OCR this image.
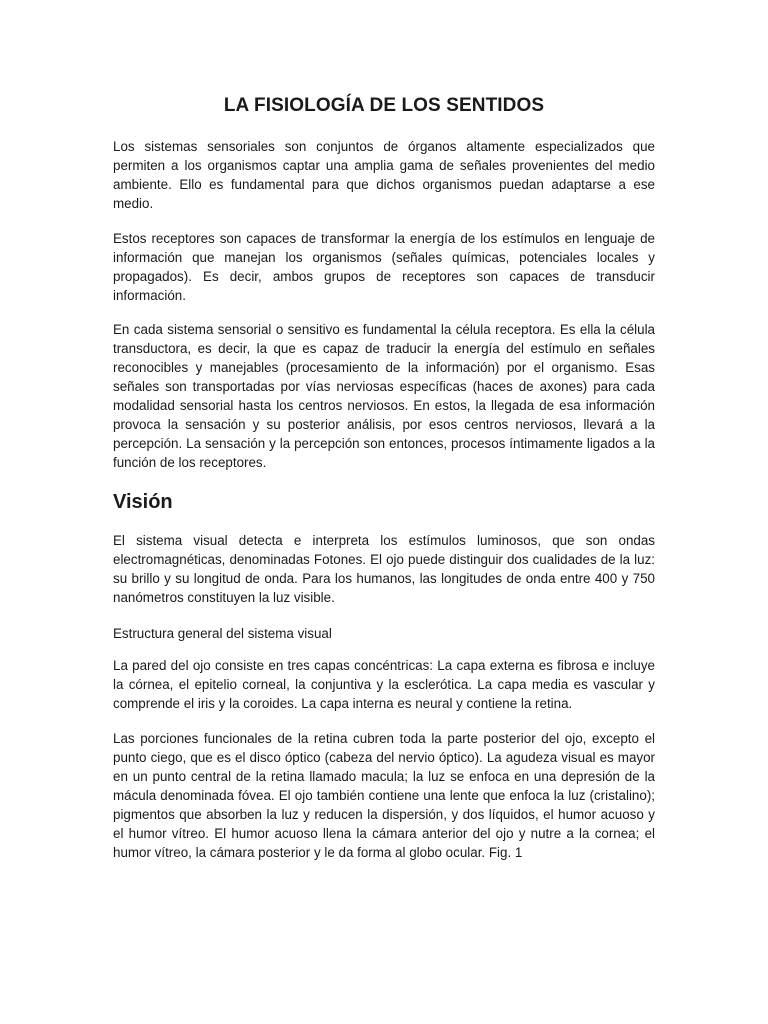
LA FISIOLOGÍA DE LOS SENTIDOS

Los sistemas sensoriales son conjuntos de órganos altamente especializados que permiten a los organismos captar una amplia gama de señales provenientes del medio ambiente. Ello es fundamental para que dichos organismos puedan adaptarse a ese medio.

Estos receptores son capaces de transformar la energía de los estímulos en lenguaje de información que manejan los organismos (señales químicas, potenciales locales y propagados). Es decir, ambos grupos de receptores son capaces de transducir información.

En cada sistema sensorial o sensitivo es fundamental la célula receptora. Es ella la célula transductora, es decir, la que es capaz de traducir la energía del estímulo en señales reconocibles y manejables (procesamiento de la información) por el organismo. Esas señales son transportadas por vías nerviosas específicas (haces de axones) para cada modalidad sensorial hasta los centros nerviosos. En estos, la llegada de esa información provoca la sensación y su posterior análisis, por esos centros nerviosos, llevará a la percepción. La sensación y la percepción son entonces, procesos íntimamente ligados a la función de los receptores.

Visión

El sistema visual detecta e interpreta los estímulos luminosos, que son ondas electromagnéticas, denominadas Fotones. El ojo puede distinguir dos cualidades de la luz: su brillo y su longitud de onda. Para los humanos, las longitudes de onda entre 400 y 750 nanómetros constituyen la luz visible.

Estructura general del sistema visual

La pared del ojo consiste en tres capas concéntricas: La capa externa es fibrosa e incluye la córnea, el epitelio corneal, la conjuntiva y la esclerótica. La capa media es vascular y comprende el iris y la coroides. La capa interna es neural y contiene la retina.

Las porciones funcionales de la retina cubren toda la parte posterior del ojo, excepto el punto ciego, que es el disco óptico (cabeza del nervio óptico). La agudeza visual es mayor en un punto central de la retina llamado macula; la luz se enfoca en una depresión de la mácula denominada fóvea. El ojo también contiene una lente que enfoca la luz (cristalino); pigmentos que absorben la luz y reducen la dispersión, y dos líquidos, el humor acuoso y el humor vítreo. El humor acuoso llena la cámara anterior del ojo y nutre a la cornea; el humor vítreo, la cámara posterior y le da forma al globo ocular. Fig. 1
